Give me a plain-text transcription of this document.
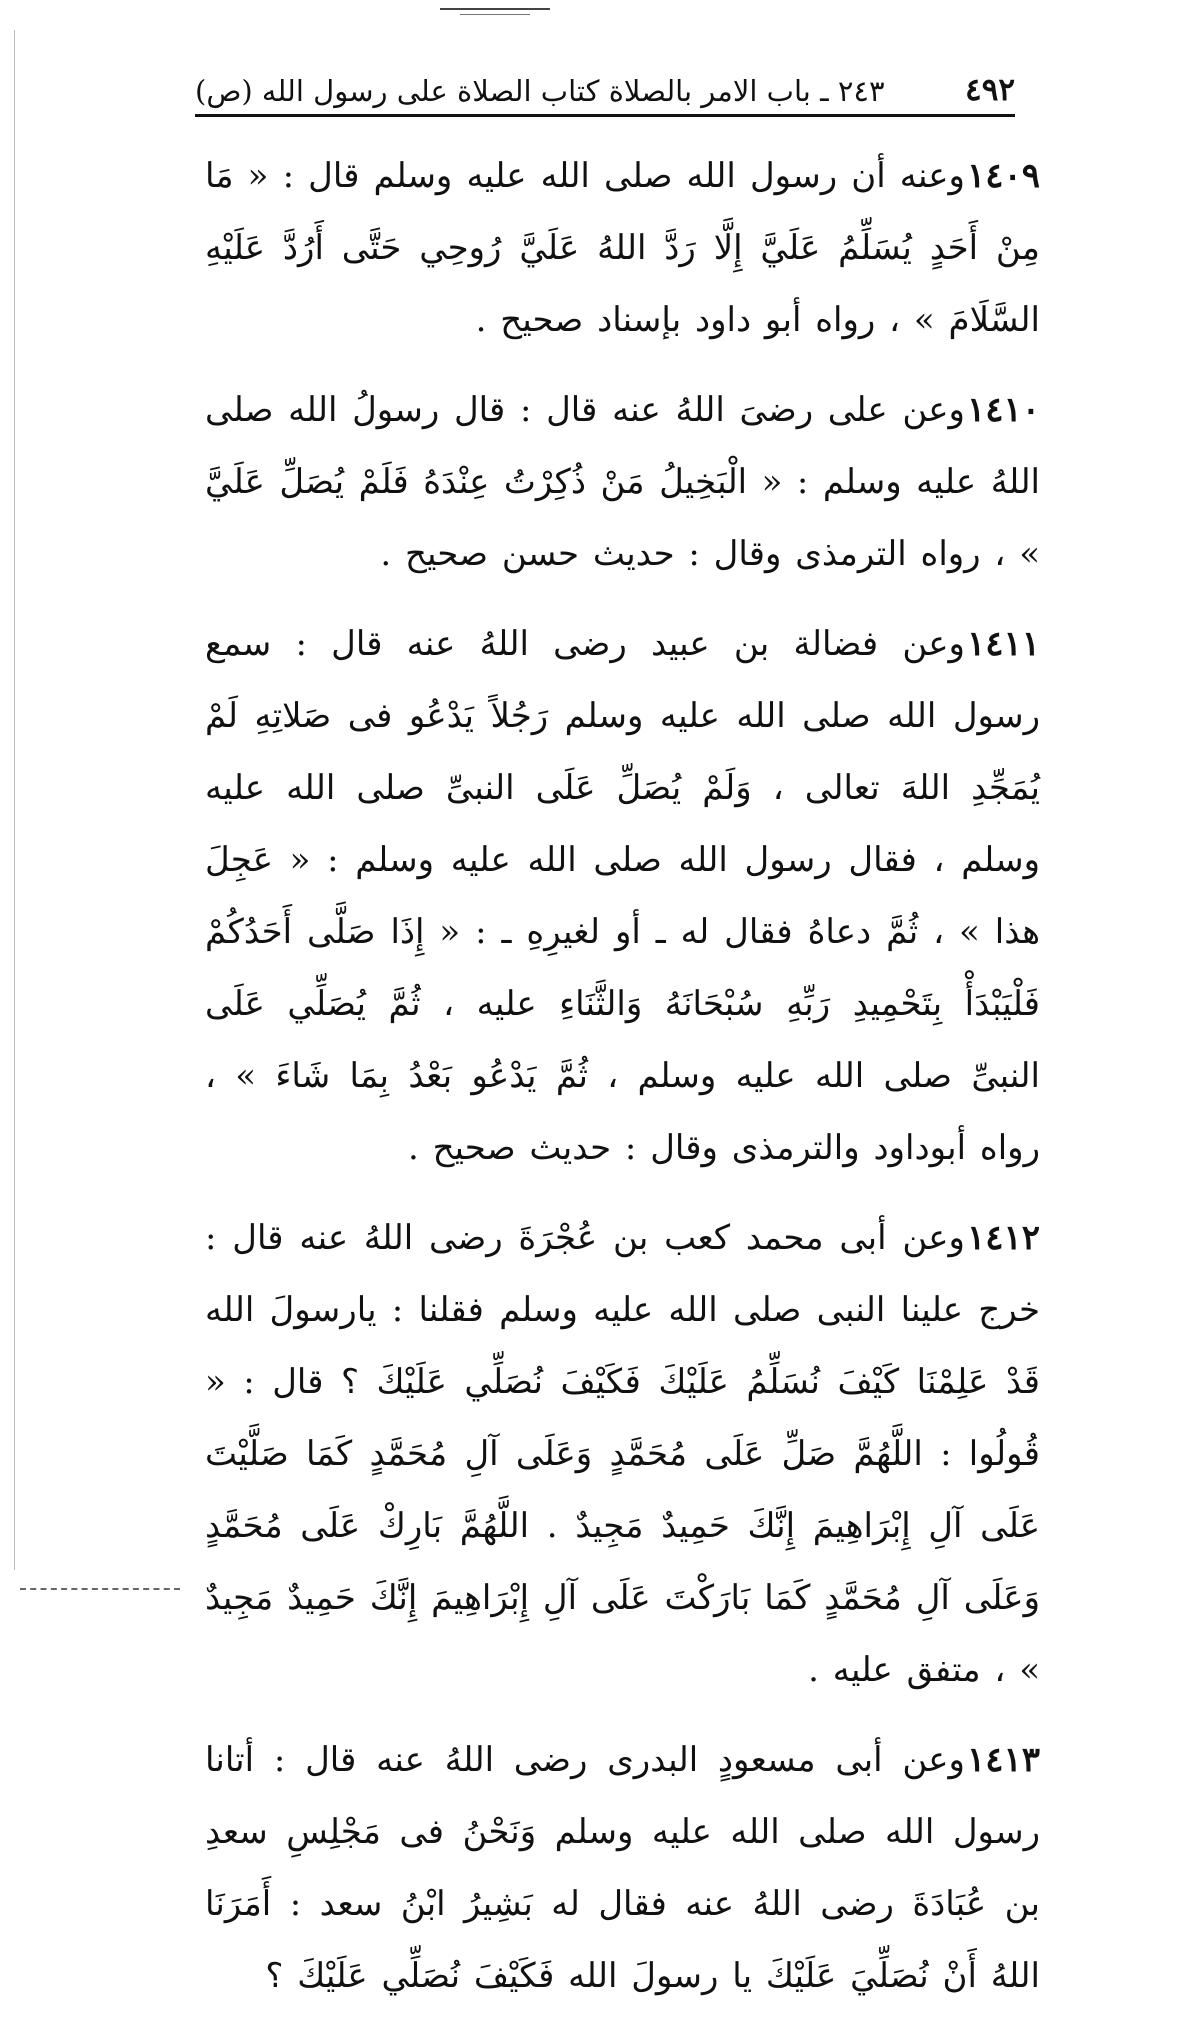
٤٩٢
٢٤٣ ـ باب الامر بالصلاة كتاب الصلاة على رسول الله (ص)

١٤٠٩وعنه أن رسول الله صلى الله عليه وسلم قال : « مَا مِنْ أَحَدٍ يُسَلِّمُ عَلَيَّ إِلَّا رَدَّ اللهُ عَلَيَّ رُوحِي حَتَّى أَرُدَّ عَلَيْهِ السَّلَامَ » ، رواه أبو داود بإسناد صحيح .

١٤١٠وعن على رضىَ اللهُ عنه قال : قال رسولُ الله صلى اللهُ عليه وسلم : « الْبَخِيلُ مَنْ ذُكِرْتُ عِنْدَهُ فَلَمْ يُصَلِّ عَلَيَّ » ، رواه الترمذى وقال : حديث حسن صحيح .

١٤١١وعن فضالة بن عبيد رضى اللهُ عنه قال : سمع رسول الله صلى الله عليه وسلم رَجُلاً يَدْعُو فى صَلاتِهِ لَمْ يُمَجِّدِ اللهَ تعالى ، وَلَمْ يُصَلِّ عَلَى النبىِّ صلى الله عليه وسلم ، فقال رسول الله صلى الله عليه وسلم : « عَجِلَ هذا » ، ثُمَّ دعاهُ فقال له ـ أو لغيرِهِ ـ : « إِذَا صَلَّى أَحَدُكُمْ فَلْيَبْدَأْ بِتَحْمِيدِ رَبِّهِ سُبْحَانَهُ وَالثَّنَاءِ عليه ، ثُمَّ يُصَلِّي عَلَى النبىِّ صلى الله عليه وسلم ، ثُمَّ يَدْعُو بَعْدُ بِمَا شَاءَ » ، رواه أبوداود والترمذى وقال : حديث صحيح .

١٤١٢وعن أبى محمد كعب بن عُجْرَةَ رضى اللهُ عنه قال : خرج علينا النبى صلى الله عليه وسلم فقلنا : يارسولَ الله قَدْ عَلِمْنَا كَيْفَ نُسَلِّمُ عَلَيْكَ فَكَيْفَ نُصَلِّي عَلَيْكَ ؟ قال : « قُولُوا : اللَّهُمَّ صَلِّ عَلَى مُحَمَّدٍ وَعَلَى آلِ مُحَمَّدٍ كَمَا صَلَّيْتَ عَلَى آلِ إِبْرَاهِيمَ إِنَّكَ حَمِيدٌ مَجِيدٌ . اللَّهُمَّ بَارِكْ عَلَى مُحَمَّدٍ وَعَلَى آلِ مُحَمَّدٍ كَمَا بَارَكْتَ عَلَى آلِ إِبْرَاهِيمَ إِنَّكَ حَمِيدٌ مَجِيدٌ » ، متفق عليه .

١٤١٣وعن أبى مسعودٍ البدرى رضى اللهُ عنه قال : أتانا رسول الله صلى الله عليه وسلم وَنَحْنُ فى مَجْلِسِ سعدِ بن عُبَادَةَ رضى اللهُ عنه فقال له بَشِيرُ ابْنُ سعد : أَمَرَنَا اللهُ أَنْ نُصَلِّيَ عَلَيْكَ يا رسولَ الله فَكَيْفَ نُصَلِّي عَلَيْكَ ؟
